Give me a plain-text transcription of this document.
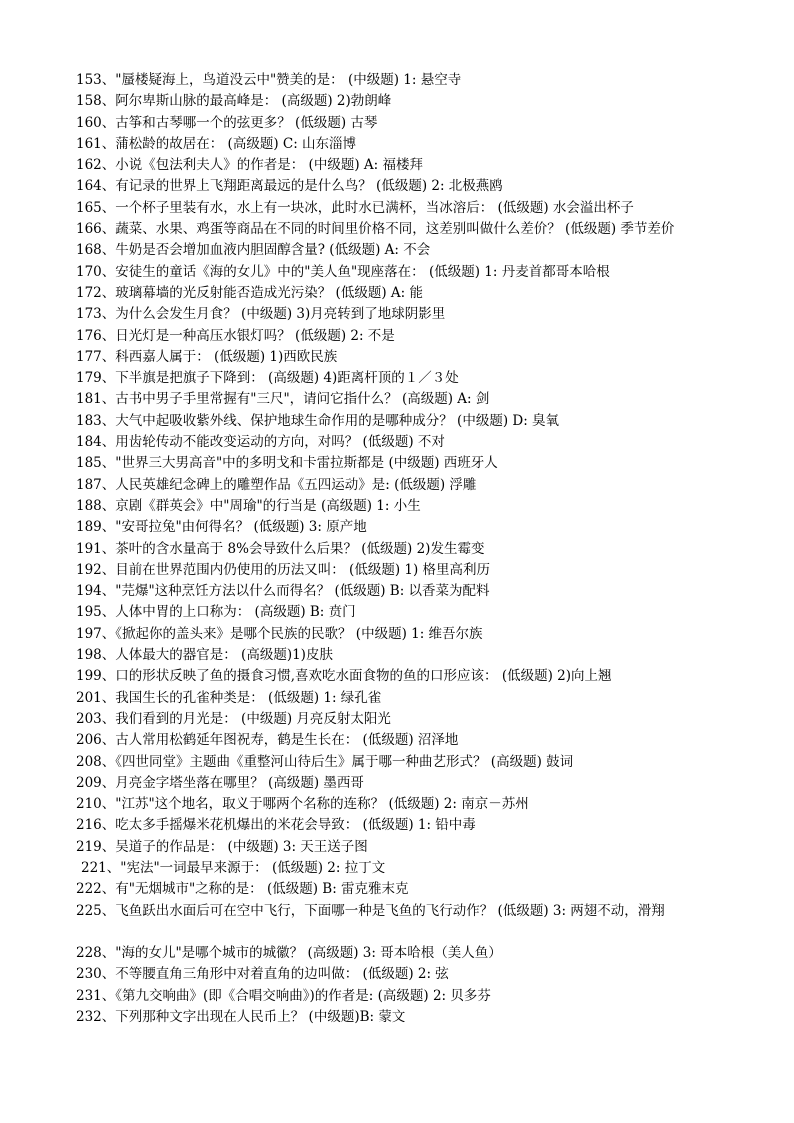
153、"蜃楼疑海上，鸟道没云中"赞美的是： (中级题) 1: 悬空寺
158、阿尔卑斯山脉的最高峰是： (高级题) 2)勃朗峰
160、古筝和古琴哪一个的弦更多？ (低级题) 古琴
161、蒲松龄的故居在： (高级题) C: 山东淄博
162、小说《包法利夫人》的作者是： (中级题) A: 福楼拜
164、有记录的世界上飞翔距离最远的是什么鸟？ (低级题) 2: 北极燕鸥
165、一个杯子里装有水，水上有一块冰，此时水已满杯，当冰溶后： (低级题) 水会溢出杯子
166、蔬菜、水果、鸡蛋等商品在不同的时间里价格不同，这差别叫做什么差价？ (低级题) 季节差价
168、牛奶是否会增加血液内胆固醇含量? (低级题) A: 不会
170、安徒生的童话《海的女儿》中的"美人鱼"现座落在： (低级题) 1: 丹麦首都哥本哈根
172、玻璃幕墙的光反射能否造成光污染？ (低级题) A: 能
173、为什么会发生月食？ (中级题) 3)月亮转到了地球阴影里
176、日光灯是一种高压水银灯吗？ (低级题) 2: 不是
177、科西嘉人属于： (低级题) 1)西欧民族
179、下半旗是把旗子下降到： (高级题) 4)距离杆顶的１／３处
181、古书中男子手里常握有"三尺"，请问它指什么？ (高级题) A: 剑
183、大气中起吸收紫外线、保护地球生命作用的是哪种成分？ (中级题) D: 臭氧
184、用齿轮传动不能改变运动的方向，对吗？ (低级题) 不对
185、"世界三大男高音"中的多明戈和卡雷拉斯都是 (中级题) 西班牙人
187、人民英雄纪念碑上的雕塑作品《五四运动》是: (低级题) 浮雕
188、京剧《群英会》中"周瑜"的行当是 (高级题) 1: 小生
189、"安哥拉兔"由何得名？ (低级题) 3: 原产地
191、茶叶的含水量高于 8%会导致什么后果？ (低级题) 2)发生霉变
192、目前在世界范围内仍使用的历法又叫： (低级题) 1) 格里高利历
194、"芫爆"这种烹饪方法以什么而得名？ (低级题) B: 以香菜为配料
195、人体中胃的上口称为： (高级题) B: 贲门
197、《掀起你的盖头来》是哪个民族的民歌？ (中级题) 1: 维吾尔族
198、人体最大的器官是： (高级题)1)皮肤
199、口的形状反映了鱼的摄食习惯,喜欢吃水面食物的鱼的口形应该： (低级题) 2)向上翘
201、我国生长的孔雀种类是： (低级题) 1: 绿孔雀
203、我们看到的月光是： (中级题) 月亮反射太阳光
206、古人常用松鹤延年图祝寿，鹤是生长在： (低级题) 沼泽地
208、《四世同堂》主题曲《重整河山待后生》属于哪一种曲艺形式？ (高级题) 鼓词
209、月亮金字塔坐落在哪里？ (高级题) 墨西哥
210、"江苏"这个地名，取义于哪两个名称的连称？ (低级题) 2: 南京－苏州
216、吃太多手摇爆米花机爆出的米花会导致： (低级题) 1: 铅中毒
219、吴道子的作品是： (中级题) 3: 天王送子图
221、"宪法"一词最早来源于： (低级题) 2: 拉丁文
222、有"无烟城市"之称的是： (低级题) B: 雷克雅末克
225、飞鱼跃出水面后可在空中飞行，下面哪一种是飞鱼的飞行动作？ (低级题) 3: 两翅不动，滑翔
228、"海的女儿"是哪个城市的城徽？ (高级题) 3: 哥本哈根（美人鱼）
230、不等腰直角三角形中对着直角的边叫做： (低级题) 2: 弦
231、《第九交响曲》(即《合唱交响曲》)的作者是: (高级题) 2: 贝多芬
232、下列那种文字出现在人民币上？ (中级题)B: 蒙文
